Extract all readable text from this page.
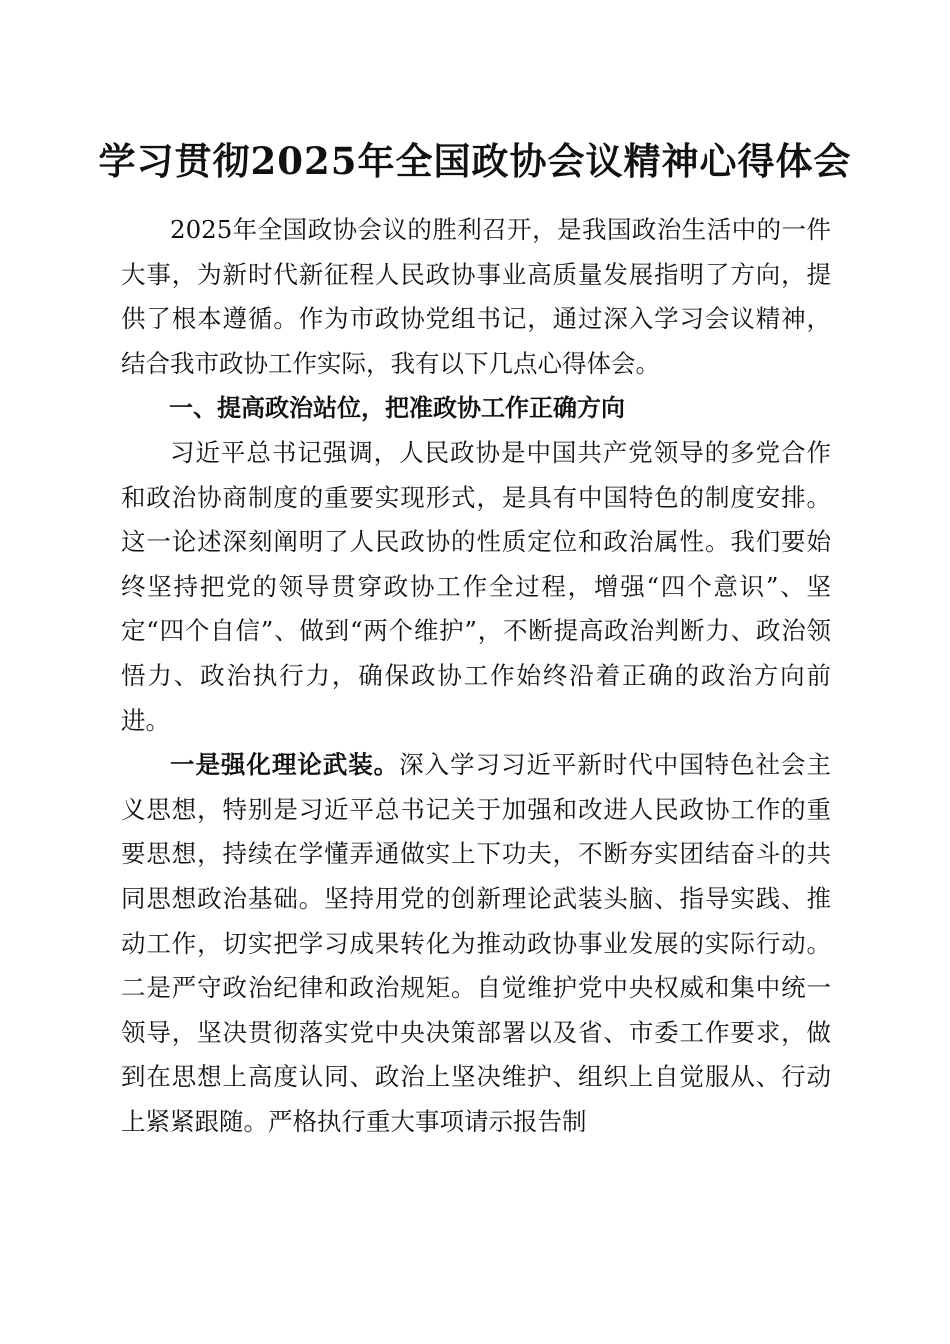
学习贯彻2025年全国政协会议精神心得体会

2025年全国政协会议的胜利召开，是我国政治生活中的一件大事，为新时代新征程人民政协事业高质量发展指明了方向，提供了根本遵循。作为市政协党组书记，通过深入学习会议精神，结合我市政协工作实际，我有以下几点心得体会。

一、提高政治站位，把准政协工作正确方向

习近平总书记强调，人民政协是中国共产党领导的多党合作和政治协商制度的重要实现形式，是具有中国特色的制度安排。这一论述深刻阐明了人民政协的性质定位和政治属性。我们要始终坚持把党的领导贯穿政协工作全过程，增强“四个意识”、坚定“四个自信”、做到“两个维护”，不断提高政治判断力、政治领悟力、政治执行力，确保政协工作始终沿着正确的政治方向前进。

一是强化理论武装。深入学习习近平新时代中国特色社会主义思想，特别是习近平总书记关于加强和改进人民政协工作的重要思想，持续在学懂弄通做实上下功夫，不断夯实团结奋斗的共同思想政治基础。坚持用党的创新理论武装头脑、指导实践、推动工作，切实把学习成果转化为推动政协事业发展的实际行动。二是严守政治纪律和政治规矩。自觉维护党中央权威和集中统一领导，坚决贯彻落实党中央决策部署以及省、市委工作要求，做到在思想上高度认同、政治上坚决维护、组织上自觉服从、行动上紧紧跟随。严格执行重大事项请示报告制
